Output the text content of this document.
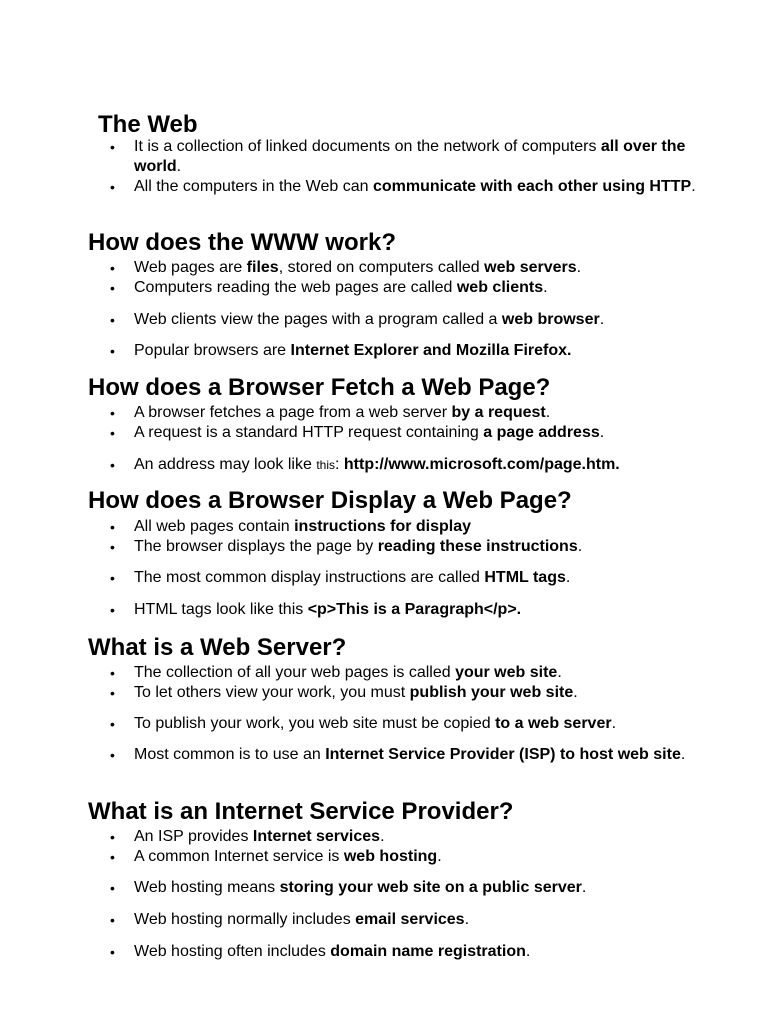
The Web
• It is a collection of linked documents on the network of computers all over the world.
• All the computers in the Web can communicate with each other using HTTP.
How does the WWW work?
• Web pages are files, stored on computers called web servers.
• Computers reading the web pages are called web clients.
• Web clients view the pages with a program called a web browser.
• Popular browsers are Internet Explorer and Mozilla Firefox.
How does a Browser Fetch a Web Page?
• A browser fetches a page from a web server by a request.
• A request is a standard HTTP request containing a page address.
• An address may look like this: http://www.microsoft.com/page.htm.
How does a Browser Display a Web Page?
• All web pages contain instructions for display
• The browser displays the page by reading these instructions.
• The most common display instructions are called HTML tags.
• HTML tags look like this <p>This is a Paragraph</p>.
What is a Web Server?
• The collection of all your web pages is called your web site.
• To let others view your work, you must publish your web site.
• To publish your work, you web site must be copied to a web server.
• Most common is to use an Internet Service Provider (ISP) to host web site.
What is an Internet Service Provider?
• An ISP provides Internet services.
• A common Internet service is web hosting.
• Web hosting means storing your web site on a public server.
• Web hosting normally includes email services.
• Web hosting often includes domain name registration.
